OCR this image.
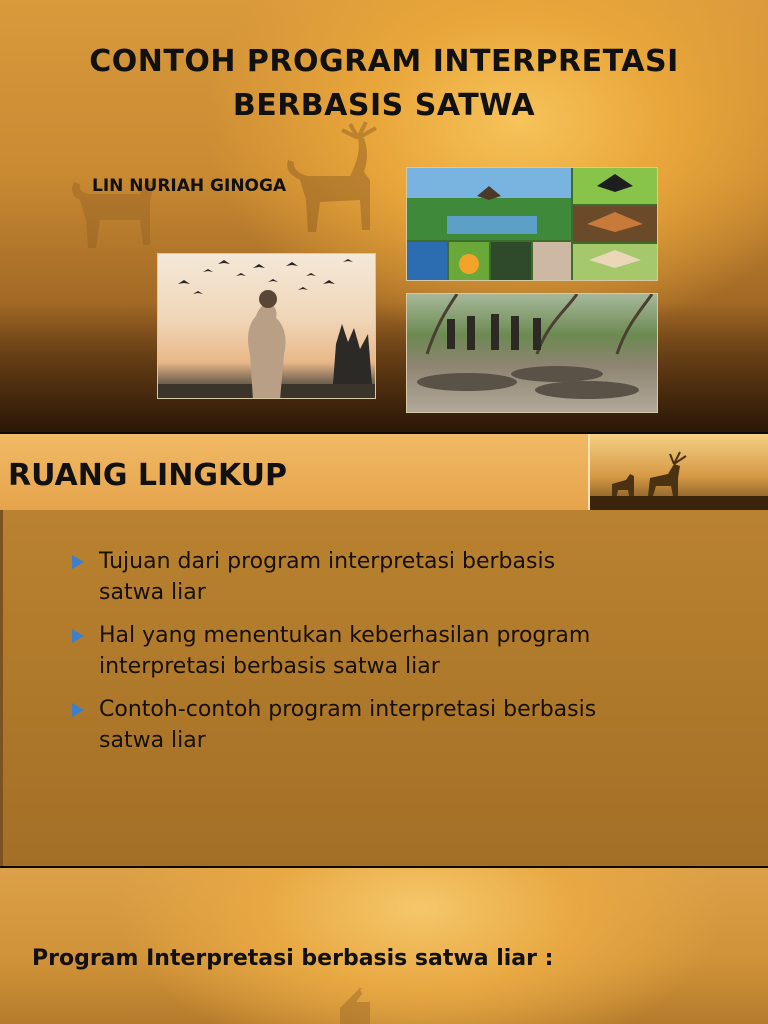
CONTOH PROGRAM INTERPRETASI
BERBASIS SATWA
LIN NURIAH GINOGA
RUANG LINGKUP
Tujuan dari program interpretasi berbasis
satwa liar
Hal yang menentukan keberhasilan program
interpretasi berbasis satwa liar
Contoh-contoh program interpretasi berbasis
satwa liar
Program Interpretasi berbasis satwa liar :
